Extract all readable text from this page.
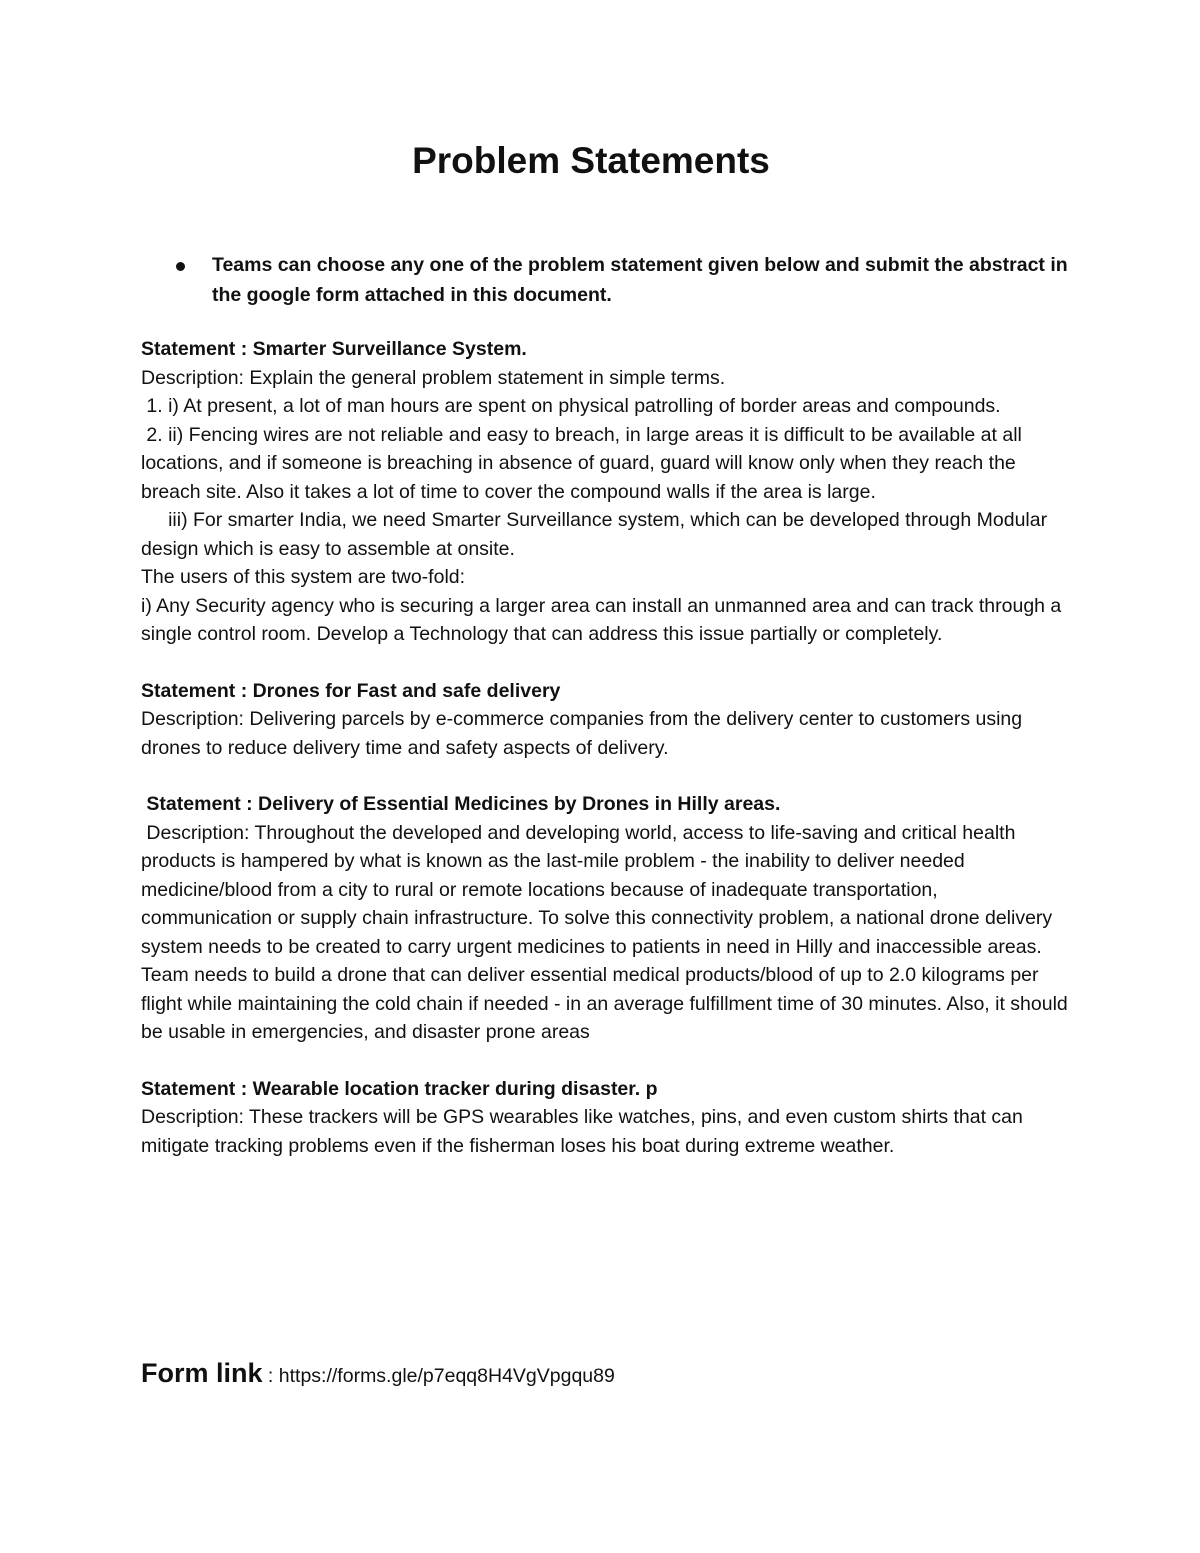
Problem Statements
Teams can choose any one of the problem statement given below and submit the abstract in the google form attached in this document.
Statement : Smarter Surveillance System.
Description: Explain the general problem statement in simple terms.
1. i) At present, a lot of man hours are spent on physical patrolling of border areas and compounds.
2. ii) Fencing wires are not reliable and easy to breach, in large areas it is difficult to be available at all locations, and if someone is breaching in absence of guard, guard will know only when they reach the breach site. Also it takes a lot of time to cover the compound walls if the area is large.
iii) For smarter India, we need Smarter Surveillance system, which can be developed through Modular design which is easy to assemble at onsite.
The users of this system are two-fold:
i) Any Security agency who is securing a larger area can install an unmanned area and can track through a single control room. Develop a Technology that can address this issue partially or completely.
Statement : Drones for Fast and safe delivery
Description: Delivering parcels by e-commerce companies from the delivery center to customers using drones to reduce delivery time and safety aspects of delivery.
Statement : Delivery of Essential Medicines by Drones in Hilly areas.
Description: Throughout the developed and developing world, access to life-saving and critical health products is hampered by what is known as the last-mile problem - the inability to deliver needed medicine/blood from a city to rural or remote locations because of inadequate transportation, communication or supply chain infrastructure. To solve this connectivity problem, a national drone delivery system needs to be created to carry urgent medicines to patients in need in Hilly and inaccessible areas. Team needs to build a drone that can deliver essential medical products/blood of up to 2.0 kilograms per flight while maintaining the cold chain if needed - in an average fulfillment time of 30 minutes. Also, it should be usable in emergencies, and disaster prone areas
Statement : Wearable location tracker during disaster. p
Description: These trackers will be GPS wearables like watches, pins, and even custom shirts that can mitigate tracking problems even if the fisherman loses his boat during extreme weather.
Form link : https://forms.gle/p7eqq8H4VgVpgqu89
